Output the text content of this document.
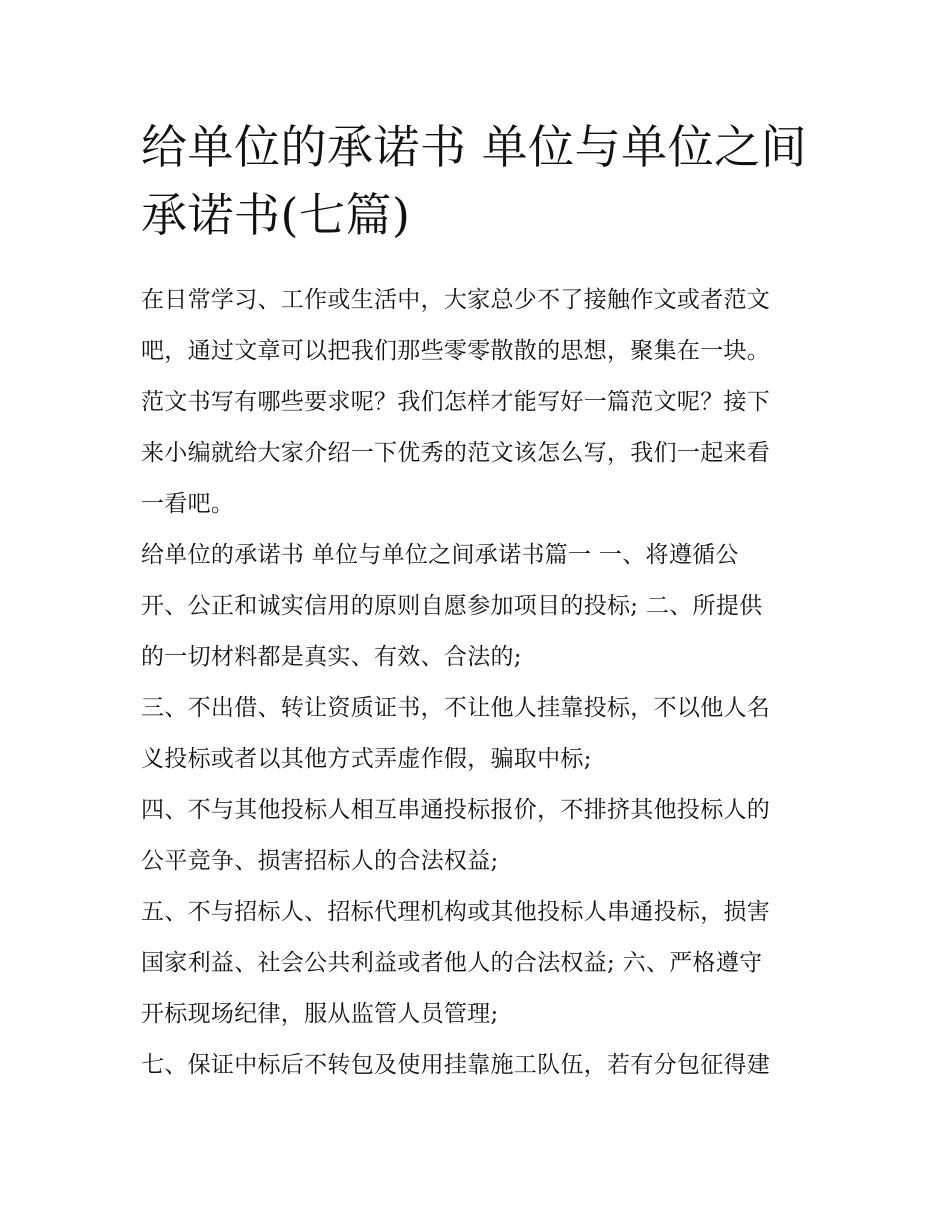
给单位的承诺书 单位与单位之间承诺书(七篇)
在日常学习、工作或生活中，大家总少不了接触作文或者范文
吧，通过文章可以把我们那些零零散散的思想，聚集在一块。
范文书写有哪些要求呢？我们怎样才能写好一篇范文呢？接下
来小编就给大家介绍一下优秀的范文该怎么写，我们一起来看
一看吧。
给单位的承诺书 单位与单位之间承诺书篇一 一、将遵循公
开、公正和诚实信用的原则自愿参加项目的投标; 二、所提供
的一切材料都是真实、有效、合法的;
三、不出借、转让资质证书，不让他人挂靠投标，不以他人名
义投标或者以其他方式弄虚作假，骗取中标;
四、不与其他投标人相互串通投标报价，不排挤其他投标人的
公平竞争、损害招标人的合法权益;
五、不与招标人、招标代理机构或其他投标人串通投标，损害
国家利益、社会公共利益或者他人的合法权益; 六、严格遵守
开标现场纪律，服从监管人员管理;
七、保证中标后不转包及使用挂靠施工队伍，若有分包征得建
